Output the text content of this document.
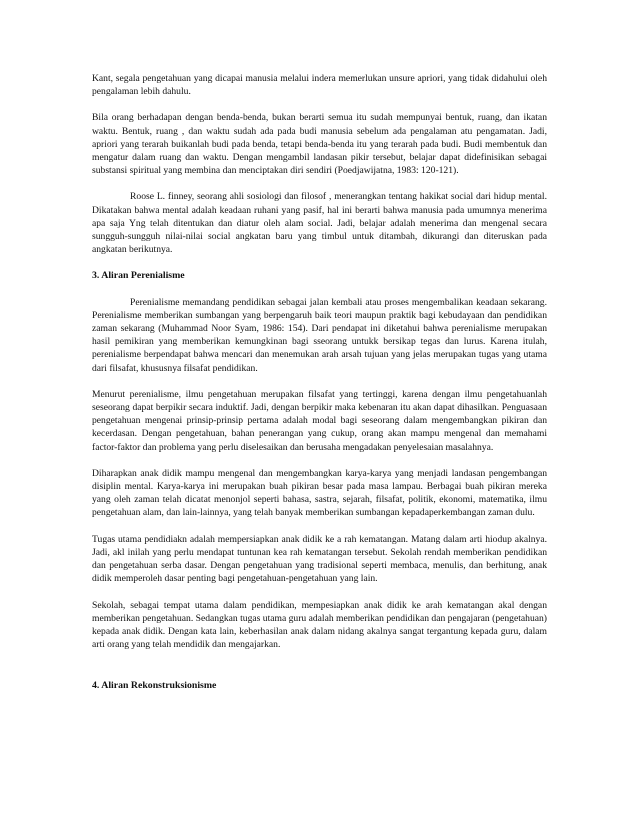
Kant, segala pengetahuan yang dicapai manusia melalui indera memerlukan unsure apriori, yang tidak didahului oleh pengalaman lebih dahulu.

Bila orang berhadapan dengan benda-benda, bukan berarti semua itu sudah mempunyai bentuk, ruang, dan ikatan waktu. Bentuk, ruang , dan waktu sudah ada pada budi manusia sebelum ada pengalaman atu pengamatan. Jadi, apriori yang terarah buikanlah budi pada benda, tetapi benda-benda itu yang terarah pada budi. Budi membentuk dan mengatur dalam ruang dan waktu. Dengan mengambil landasan pikir tersebut, belajar dapat didefinisikan sebagai substansi spiritual yang membina dan menciptakan diri sendiri (Poedjawijatna, 1983: 120-121).

Roose L. finney, seorang ahli sosiologi dan filosof , menerangkan tentang hakikat social dari hidup mental. Dikatakan bahwa mental adalah keadaan ruhani yang pasif, hal ini berarti bahwa manusia pada umumnya menerima apa saja Yng telah ditentukan dan diatur oleh alam social. Jadi, belajar adalah menerima dan mengenal secara sungguh-sungguh nilai-nilai social angkatan baru yang timbul untuk ditambah, dikurangi dan diteruskan pada angkatan berikutnya.

3. Aliran Perenialisme

Perenialisme memandang pendidikan sebagai jalan kembali atau proses mengembalikan keadaan sekarang. Perenialisme memberikan sumbangan yang berpengaruh baik teori maupun praktik bagi kebudayaan dan pendidikan zaman sekarang (Muhammad Noor Syam, 1986: 154). Dari pendapat ini diketahui bahwa perenialisme merupakan hasil pemikiran yang memberikan kemungkinan bagi sseorang untukk bersikap tegas dan lurus. Karena itulah, perenialisme berpendapat bahwa mencari dan menemukan arah arsah tujuan yang jelas merupakan tugas yang utama dari filsafat, khususnya filsafat pendidikan.

Menurut perenialisme, ilmu pengetahuan merupakan filsafat yang tertinggi, karena dengan ilmu pengetahuanlah seseorang dapat berpikir secara induktif. Jadi, dengan berpikir maka kebenaran itu akan dapat dihasilkan. Penguasaan pengetahuan mengenai prinsip-prinsip pertama adalah modal bagi seseorang dalam mengembangkan pikiran dan kecerdasan. Dengan pengetahuan, bahan penerangan yang cukup, orang akan mampu mengenal dan memahami factor-faktor dan problema yang perlu diselesaikan dan berusaha mengadakan penyelesaian masalahnya.

Diharapkan anak didik mampu mengenal dan mengembangkan karya-karya yang menjadi landasan pengembangan disiplin mental. Karya-karya ini merupakan buah pikiran besar pada masa lampau. Berbagai buah pikiran mereka yang oleh zaman telah dicatat menonjol seperti bahasa, sastra, sejarah, filsafat, politik, ekonomi, matematika, ilmu pengetahuan alam, dan lain-lainnya, yang telah banyak memberikan sumbangan kepadaperkembangan zaman dulu.

Tugas utama pendidiakn adalah mempersiapkan anak didik ke a rah kematangan. Matang dalam arti hiodup akalnya. Jadi, akl inilah yang perlu mendapat tuntunan kea rah kematangan tersebut. Sekolah rendah memberikan pendidikan dan pengetahuan serba dasar. Dengan pengetahuan yang tradisional seperti membaca, menulis, dan berhitung, anak didik memperoleh dasar penting bagi pengetahuan-pengetahuan yang lain.

Sekolah, sebagai tempat utama dalam pendidikan, mempesiapkan anak didik ke arah kematangan akal dengan memberikan pengetahuan. Sedangkan tugas utama guru adalah memberikan pendidikan dan pengajaran (pengetahuan) kepada anak didik. Dengan kata lain, keberhasilan anak dalam nidang akalnya sangat tergantung kepada guru, dalam arti orang yang telah mendidik dan mengajarkan.

4. Aliran Rekonstruksionisme
